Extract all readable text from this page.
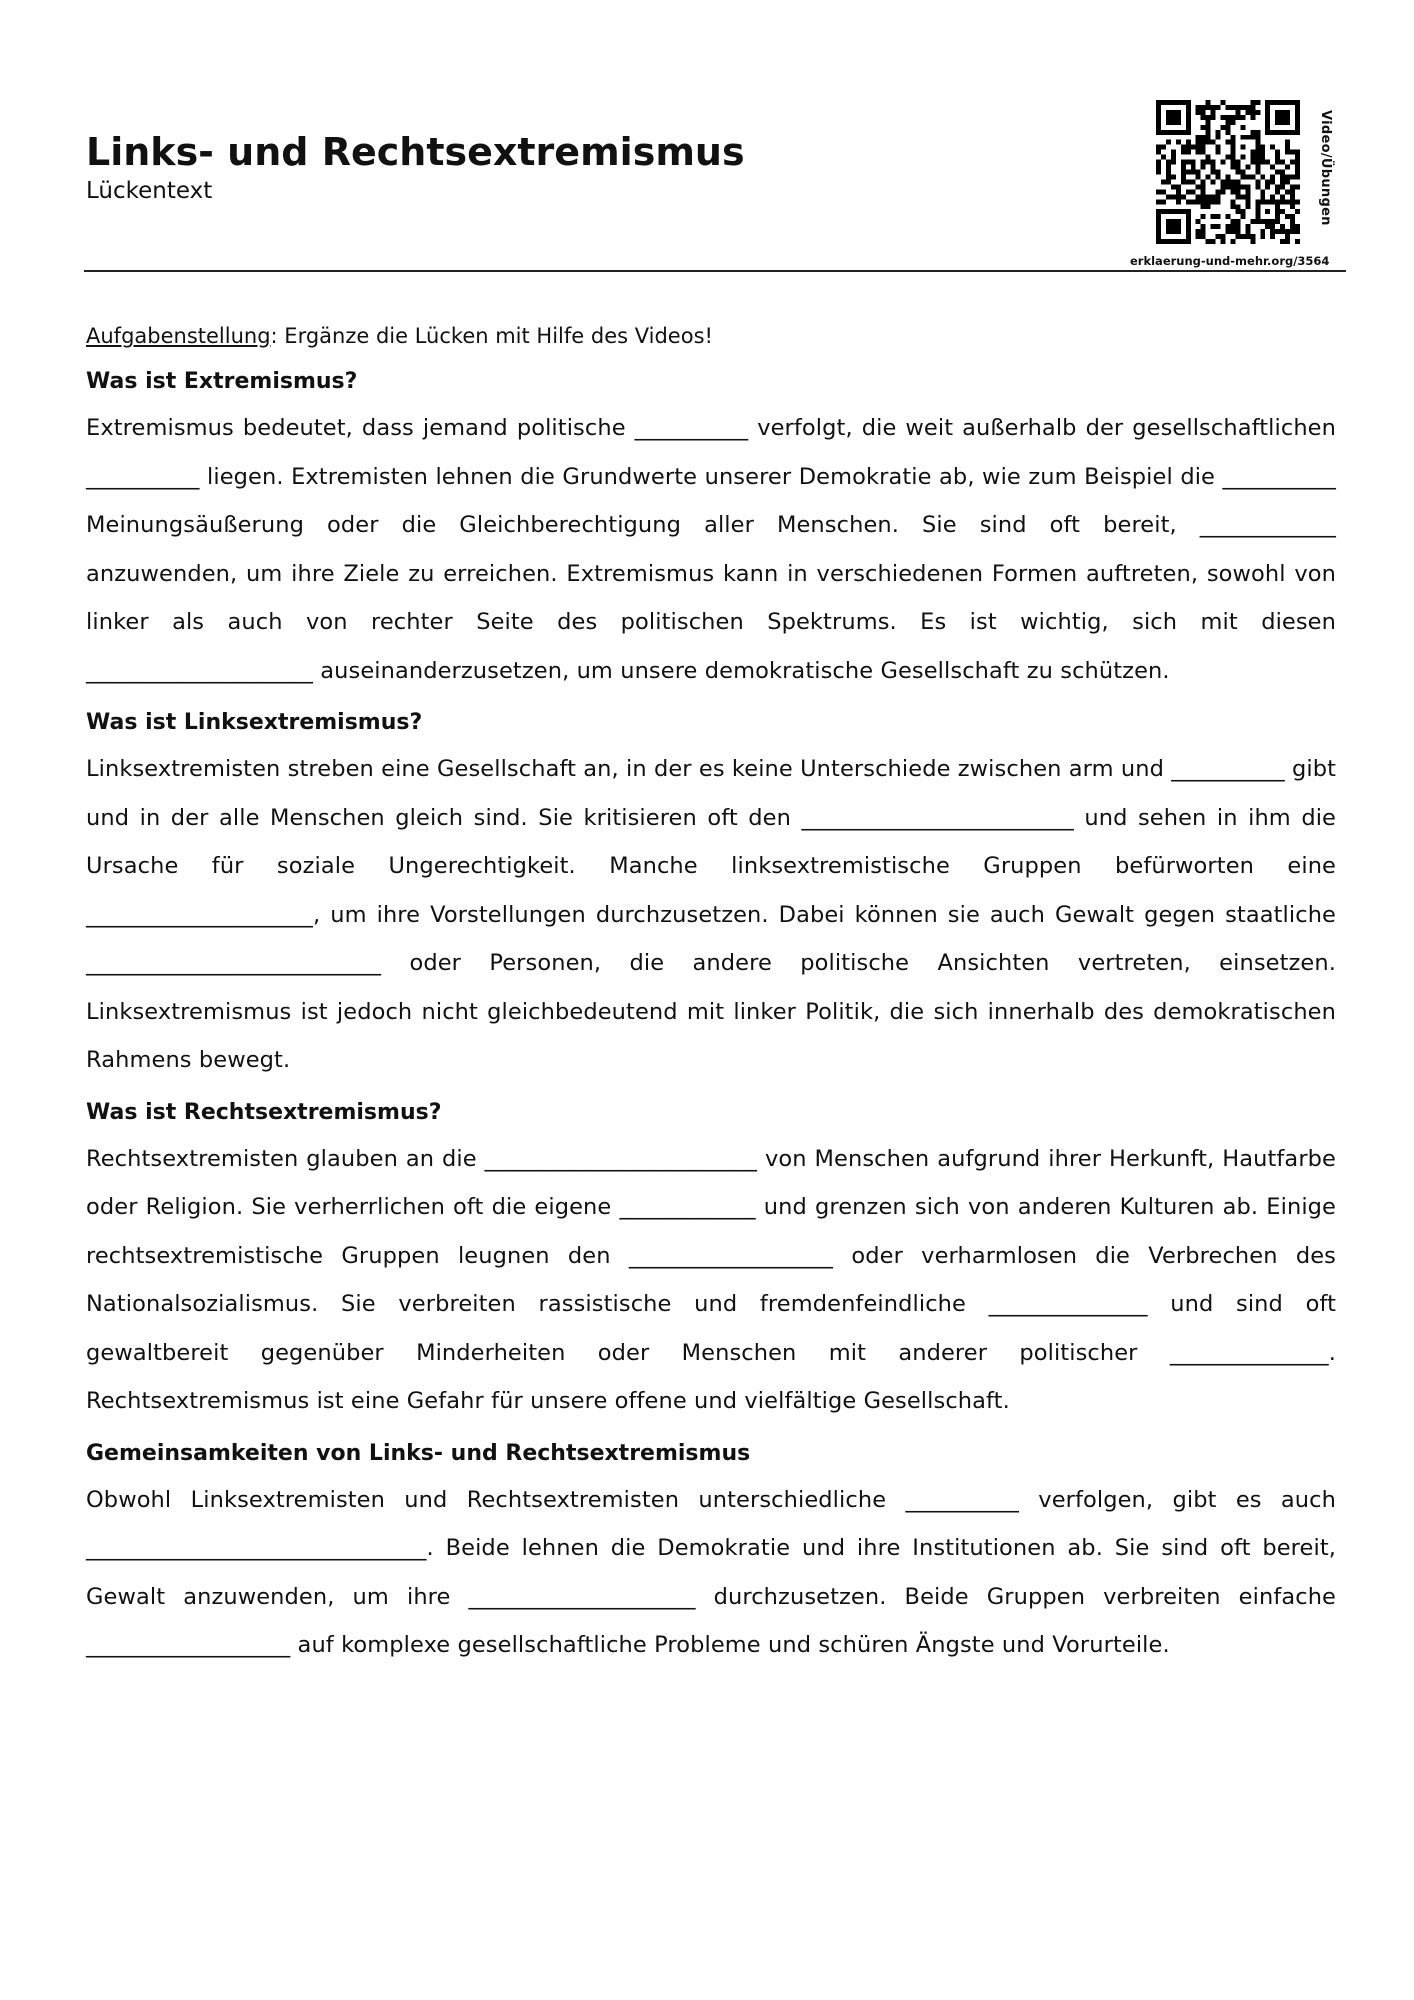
Links- und Rechtsextremismus
Lückentext	Video/Übungen
erklaerung-und-mehr.org/3564
Aufgabenstellung: Ergänze die Lücken mit Hilfe des Videos!
Was ist Extremismus?

Extremismus bedeutet, dass jemand politische __________ verfolgt, die weit außerhalb der gesellschaftlichen __________ liegen. Extremisten lehnen die Grundwerte unserer Demokratie ab, wie zum Beispiel die __________ Meinungsäußerung oder die Gleichberechtigung aller Menschen. Sie sind oft bereit, ____________ anzuwenden, um ihre Ziele zu erreichen. Extremismus kann in verschiedenen Formen auftreten, sowohl von linker als auch von rechter Seite des politischen Spektrums. Es ist wichtig, sich mit diesen ____________________ auseinanderzusetzen, um unsere demokratische Gesellschaft zu schützen.

Was ist Linksextremismus?

Linksextremisten streben eine Gesellschaft an, in der es keine Unterschiede zwischen arm und __________ gibt und in der alle Menschen gleich sind. Sie kritisieren oft den ________________________ und sehen in ihm die Ursache für soziale Ungerechtigkeit. Manche linksextremistische Gruppen befürworten eine ____________________, um ihre Vorstellungen durchzusetzen. Dabei können sie auch Gewalt gegen staatliche __________________________ oder Personen, die andere politische Ansichten vertreten, einsetzen. Linksextremismus ist jedoch nicht gleichbedeutend mit linker Politik, die sich innerhalb des demokratischen Rahmens bewegt.

Was ist Rechtsextremismus?

Rechtsextremisten glauben an die ________________________ von Menschen aufgrund ihrer Herkunft, Hautfarbe oder Religion. Sie verherrlichen oft die eigene ____________ und grenzen sich von anderen Kulturen ab. Einige rechtsextremistische Gruppen leugnen den __________________ oder verharmlosen die Verbrechen des Nationalsozialismus. Sie verbreiten rassistische und fremdenfeindliche ______________ und sind oft gewaltbereit gegenüber Minderheiten oder Menschen mit anderer politischer ______________. Rechtsextremismus ist eine Gefahr für unsere offene und vielfältige Gesellschaft.

Gemeinsamkeiten von Links- und Rechtsextremismus

Obwohl Linksextremisten und Rechtsextremisten unterschiedliche __________ verfolgen, gibt es auch ______________________________. Beide lehnen die Demokratie und ihre Institutionen ab. Sie sind oft bereit, Gewalt anzuwenden, um ihre ____________________ durchzusetzen. Beide Gruppen verbreiten einfache __________________ auf komplexe gesellschaftliche Probleme und schüren Ängste und Vorurteile.
